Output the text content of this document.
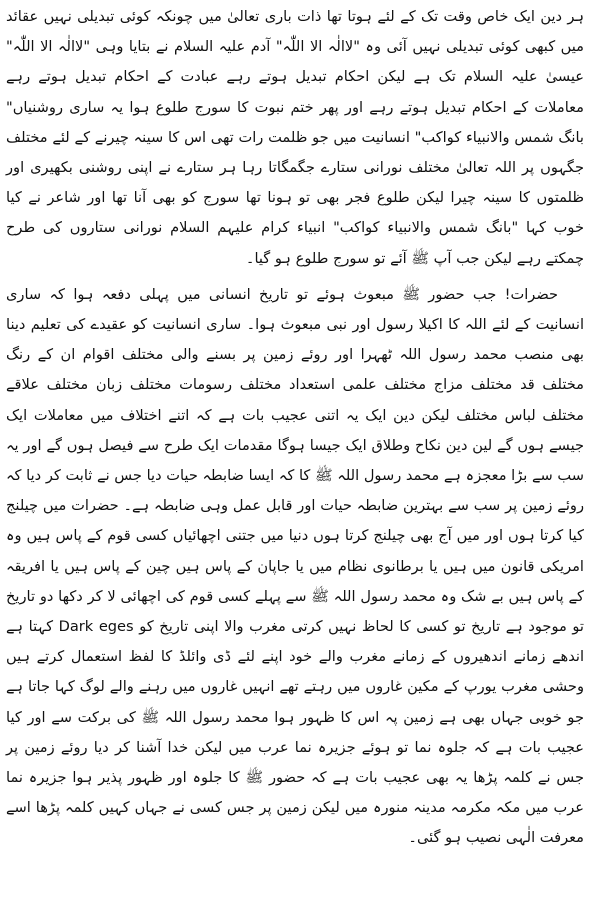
ہر دین ایک خاص وقت تک کے لئے ہوتا تھا ذات باری تعالیٰ میں چونکہ کوئی تبدیلی نہیں عقائد میں کبھی کوئی تبدیلی نہیں آئی وہ "لاالٰہ الا اللّٰہ" آدم علیہ السلام نے بتایا وہی "لاالٰہ الا اللّٰہ" عیسیٰ علیہ السلام تک ہے لیکن احکام تبدیل ہوتے رہے عبادت کے احکام تبدیل ہوتے رہے معاملات کے احکام تبدیل ہوتے رہے اور پھر ختم نبوت کا سورج طلوع ہوا یہ ساری روشنیاں" بانگ شمس والانبیاء کواکب" انسانیت میں جو ظلمت رات تھی اس کا سینہ چیرنے کے لئے مختلف جگہوں پر اللہ تعالیٰ مختلف نورانی ستارے جگمگاتا رہا ہر ستارے نے اپنی روشنی بکھیری اور ظلمتوں کا سینہ چیرا لیکن طلوع فجر بھی تو ہونا تھا سورج کو بھی آنا تھا اور شاعر نے کیا خوب کہا "بانگ شمس والانبیاء کواکب" انبیاء کرام علیہم السلام نورانی ستاروں کی طرح چمکتے رہے لیکن جب آپ ﷺ آئے تو سورج طلوع ہو گیا۔

حضرات! جب حضور ﷺ مبعوث ہوئے تو تاریخ انسانی میں پہلی دفعہ ہوا کہ ساری انسانیت کے لئے اللہ کا اکیلا رسول اور نبی مبعوث ہوا۔ ساری انسانیت کو عقیدے کی تعلیم دینا بھی منصب محمد رسول اللہ ٹھہرا اور روئے زمین پر بسنے والی مختلف اقوام ان کے رنگ مختلف قد مختلف مزاج مختلف علمی استعداد مختلف رسومات مختلف زبان مختلف علاقے مختلف لباس مختلف لیکن دین ایک یہ اتنی عجیب بات ہے کہ اتنے اختلاف میں معاملات ایک جیسے ہوں گے لین دین نکاح وطلاق ایک جیسا ہوگا مقدمات ایک طرح سے فیصل ہوں گے اور یہ سب سے بڑا معجزہ ہے محمد رسول اللہ ﷺ کا کہ ایسا ضابطہ حیات دیا جس نے ثابت کر دیا کہ روئے زمین پر سب سے بہترین ضابطہ حیات اور قابل عمل وہی ضابطہ ہے۔ حضرات میں چیلنج کیا کرتا ہوں اور میں آج بھی چیلنج کرتا ہوں دنیا میں جتنی اچھائیاں کسی قوم کے پاس ہیں وہ امریکی قانون میں ہیں یا برطانوی نظام میں یا جاپان کے پاس ہیں چین کے پاس ہیں یا افریقہ کے پاس ہیں بے شک وہ محمد رسول اللہ ﷺ سے پہلے کسی قوم کی اچھائی لا کر دکھا دو تاریخ تو موجود ہے تاریخ تو کسی کا لحاظ نہیں کرتی مغرب والا اپنی تاریخ کو Dark eges کہتا ہے اندھے زمانے اندھیروں کے زمانے مغرب والے خود اپنے لئے ڈی وائلڈ کا لفظ استعمال کرتے ہیں وحشی مغرب یورپ کے مکین غاروں میں رہتے تھے انہیں غاروں میں رہنے والے لوگ کہا جاتا ہے جو خوبی جہاں بھی ہے زمین پہ اس کا ظہور ہوا محمد رسول اللہ ﷺ کی برکت سے اور کیا عجیب بات ہے کہ جلوہ نما تو ہوئے جزیرہ نما عرب میں لیکن خدا آشنا کر دیا روئے زمین پر جس نے کلمہ پڑھا یہ بھی عجیب بات ہے کہ حضور ﷺ کا جلوہ اور ظہور پذیر ہوا جزیرہ نما عرب میں مکہ مکرمہ مدینہ منورہ میں لیکن زمین پر جس کسی نے جہاں کہیں کلمہ پڑھا اسے معرفت الٰہی نصیب ہو گئی۔
